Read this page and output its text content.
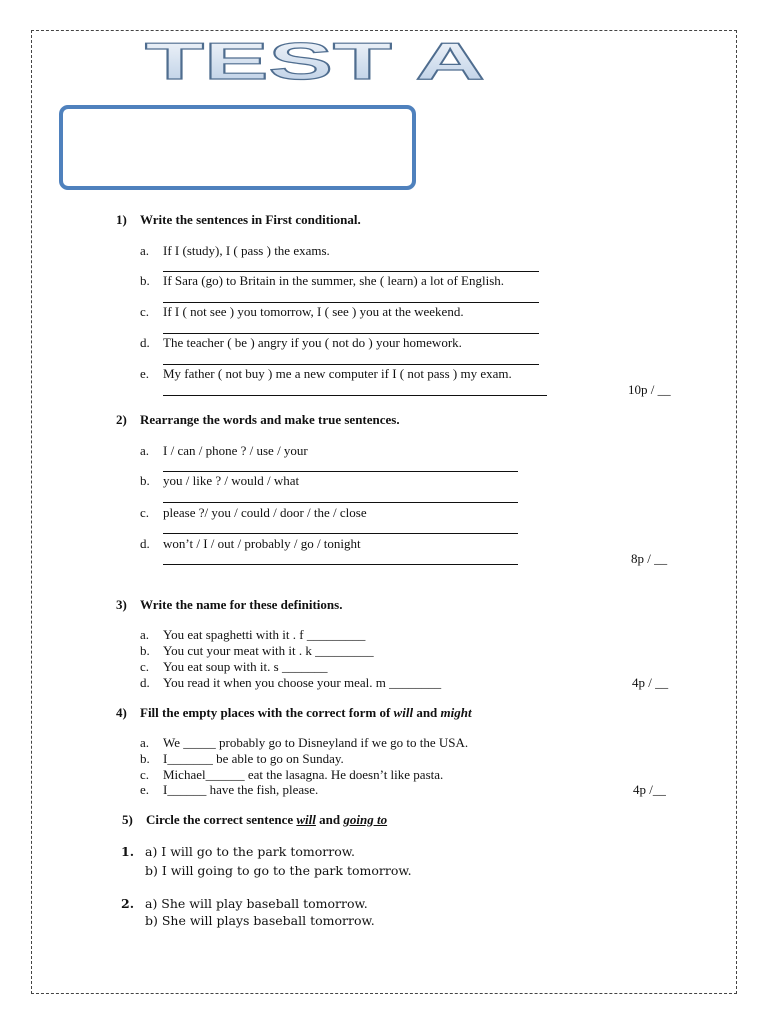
TEST A
1) Write the sentences in First conditional.
a. If I (study), I ( pass ) the exams.
b. If Sara (go) to Britain in the summer, she ( learn) a lot of English.
c. If I ( not see ) you tomorrow, I ( see ) you at the weekend.
d. The teacher ( be ) angry if you ( not do ) your homework.
e. My father ( not buy ) me a new computer if I ( not pass ) my exam.
10p / __
2) Rearrange the words and make true sentences.
a. I / can / phone ? / use / your
b. you / like ? / would / what
c. please ?/ you / could / door / the / close
d. won’t / I / out / probably / go / tonight
8p / __
3) Write the name for these definitions.
a. You eat spaghetti with it . f _________
b. You cut your meat with it . k _________
c. You eat soup with it. s _______
d. You read it when you choose your meal. m ________	4p / __
4) Fill the empty places with the correct form of will and might
a. We _____ probably go to Disneyland if we go to the USA.
b. I_______ be able to go on Sunday.
c. Michael______ eat the lasagna. He doesn’t like pasta.
e. I______ have the fish, please.	4p /__
5) Circle the correct sentence will and going to
1. a) I will go to the park tomorrow.
b) I will going to go to the park tomorrow.
2. a) She will play baseball tomorrow.
b) She will plays baseball tomorrow.
